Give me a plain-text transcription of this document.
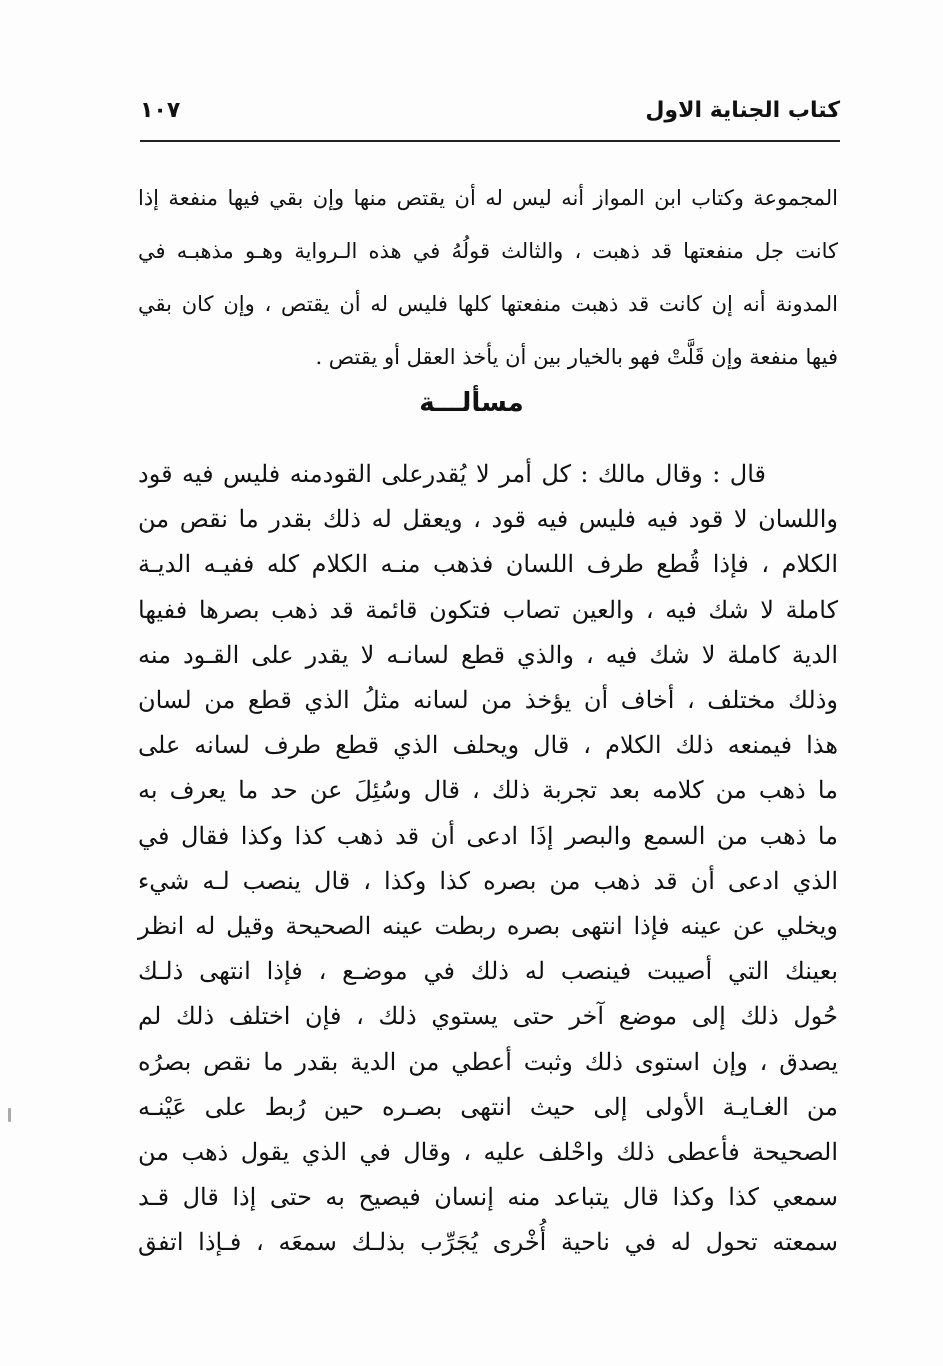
كتاب الجناية الاول
١٠٧

المجموعة وكتاب ابن المواز أنه ليس له أن يقتص منها وإن بقي فيها منفعة إذا
كانت جل منفعتها قد ذهبت ، والثالث قولُهُ في هذه الـرواية وهـو مذهبـه في
المدونة أنه إن كانت قد ذهبت منفعتها كلها فليس له أن يقتص ، وإن كان بقي
فيها منفعة وإن قَلَّتْ فهو بالخيار بين أن يأخذ العقل أو يقتص .

مسألـــة

قال : وقال مالك : كل أمر لا يُقدرعلى القودمنه فليس فيه قود
واللسان لا قود فيه فليس فيه قود ، ويعقل له ذلك بقدر ما نقص من
الكلام ، فإذا قُطع طرف اللسان فذهب منـه الكلام كله ففيـه الديـة
كاملة لا شك فيه ، والعين تصاب فتكون قائمة قد ذهب بصرها ففيها
الدية كاملة لا شك فيه ، والذي قطع لسانـه لا يقدر على القـود منه
وذلك مختلف ، أخاف أن يؤخذ من لسانه مثلُ الذي قطع من لسان
هذا فيمنعه ذلك الكلام ، قال ويحلف الذي قطع طرف لسانه على
ما ذهب من كلامه بعد تجربة ذلك ، قال وسُئِلَ عن حد ما يعرف به
ما ذهب من السمع والبصر إذَا ادعى أن قد ذهب كذا وكذا فقال في
الذي ادعى أن قد ذهب من بصره كذا وكذا ، قال ينصب لـه شيء
ويخلي عن عينه فإذا انتهى بصره ربطت عينه الصحيحة وقيل له انظر
بعينك التي أصيبت فينصب له ذلك في موضـع ، فإذا انتهى ذلـك
حُول ذلك إلى موضع آخر حتى يستوي ذلك ، فإن اختلف ذلك لم
يصدق ، وإن استوى ذلك وثبت أعطي من الدية بقدر ما نقص بصرُه
من الغـايـة الأولى إلى حيث انتهى بصـره حين رُبط على عَيْنـه
الصحيحة فأعطى ذلك واحْلف عليه ، وقال في الذي يقول ذهب من
سمعي كذا وكذا قال يتباعد منه إنسان فيصيح به حتى إذا قال قـد
سمعته تحول له في ناحية أُخْرى يُجَرِّب بذلـك سمعَه ، فـإذا اتفق
